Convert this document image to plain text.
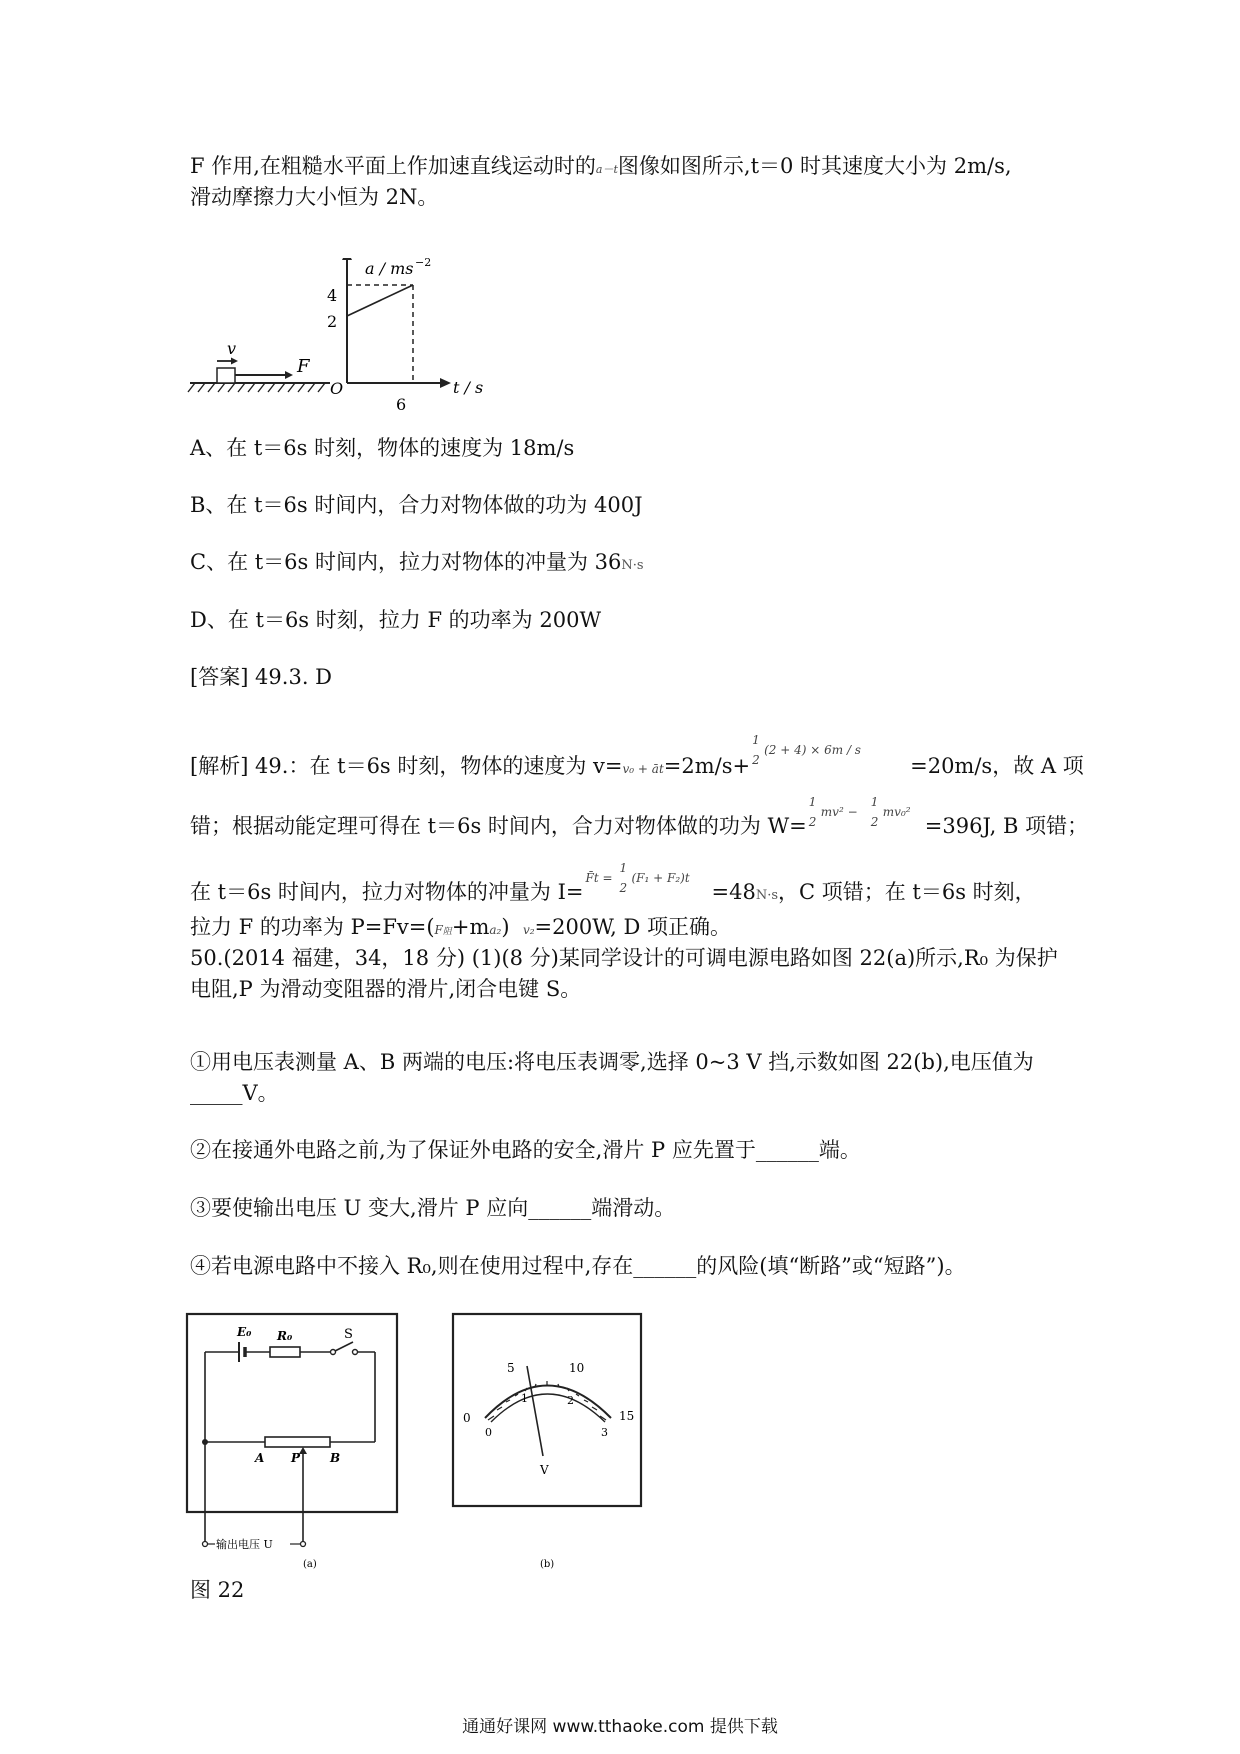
F 作用,在粗糙水平面上作加速直线运动时的a－t图像如图所示,t＝0 时其速度大小为 2m/s,
滑动摩擦力大小恒为 2N。
v
F
a / ms −2
t / s
O
4
2
6
A、在 t＝6s 时刻，物体的速度为 18m/s
B、在 t＝6s 时间内，合力对物体做的功为 400J
C、在 t＝6s 时间内，拉力对物体的冲量为 36N·s
D、在 t＝6s 时刻，拉力 F 的功率为 200W
[答案] 49.3. D
[解析] 49.：在 t＝6s 时刻，物体的速度为 v=v₀ + āt=2m/s+
1
2
(2 + 4) × 6m / s
=20m/s，故 A 项
错；根据动能定理可得在 t＝6s 时间内，合力对物体做的功为 W=
1
2
mv² −
1
2
mv₀²
=396J, B 项错；
在 t＝6s 时间内，拉力对物体的冲量为 I=
F̄t =
1
2
(F₁ + F₂)t
=48N·s，C 项错；在 t＝6s 时刻，
拉力 F 的功率为 P=Fv=(F阻+ma₂) v₂=200W, D 项正确。
50.(2014 福建，34，18 分) (1)(8 分)某同学设计的可调电源电路如图 22(a)所示,R₀ 为保护
电阻,P 为滑动变阻器的滑片,闭合电键 S。
①用电压表测量 A、B 两端的电压:将电压表调零,选择 0~3 V 挡,示数如图 22(b),电压值为
_____V。
②在接通外电路之前,为了保证外电路的安全,滑片 P 应先置于______端。
③要使输出电压 U 变大,滑片 P 应向______端滑动。
④若电源电路中不接入 R₀,则在使用过程中,存在______的风险(填“断路”或“短路”)。
输出电压 U
E₀ R₀	S
A P B
(a)
0
5	10
15
0
1	2
3
V
(b)
图 22
通通好课网 www.tthaoke.com 提供下载
